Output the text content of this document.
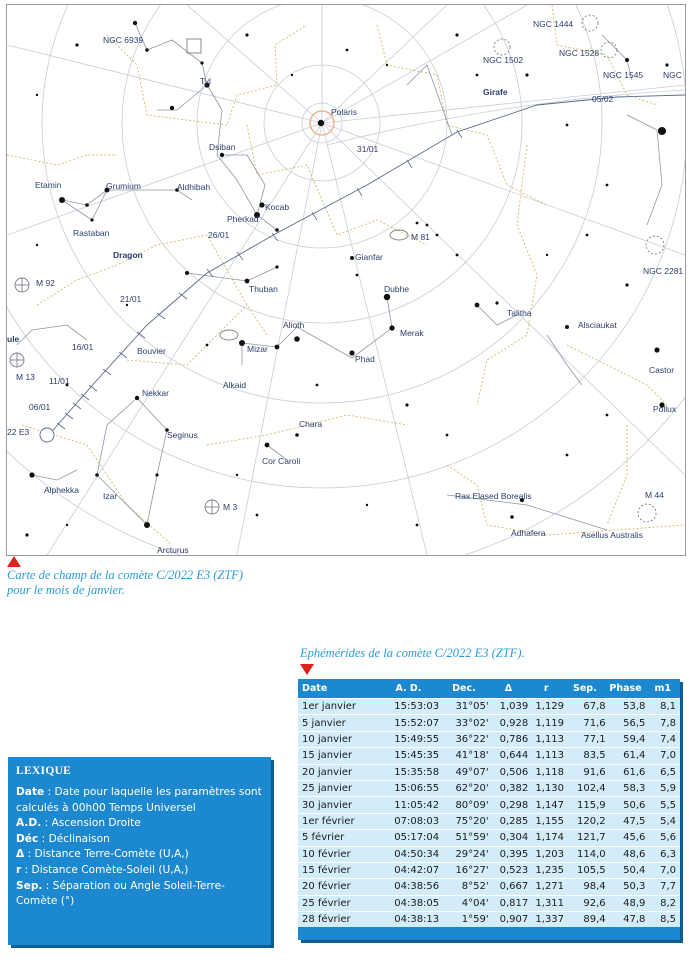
NGC 6939
Tyl
Polaris
Dsiban
Etamin	Grumium	Aldhibah
Rastaban
Pherkad
Kocab
Dragon
M 92
Thuban
ule
M 13
22 E3
Bouvier
Alioth
Mizar
Alkaid
Phad
Merak
Dubhe
Gianfar
M 81
Nekkar
Seginus
Chara
Cor Caroli
Alphekka
Izar
M 3
Arcturus
NGC 1444
NGC 1502
NGC 1528
NGC 1545 NGC
Girafe
05/02
31/01
26/01
21/01
16/01
11/01
06/01
NGC 2281
Talitha
Alsciaukat
Castor
Pollux
Ras Elased Borealis	M 44
Adhafera	Asellus Australis
Carte de champ de la comète C/2022 E3 (ZTF)
pour le mois de janvier.
Ephémérides de la comète C/2022 E3 (ZTF).
LEXIQUE
Date : Date pour laquelle les paramètres sont calculés à 00h00 Temps Universel
A.D. : Ascension Droite
Déc : Déclinaison
Δ : Distance Terre-Comète (U,A,)
r : Distance Comète-Soleil (U,A,)
Sep. : Séparation ou Angle Soleil-Terre-Comète (°)
Date	A. D.	Dec.	Δ	r	Sep.	Phase	m1
1er janvier	15:53:03	31°05'	1,039	1,129	67,8	53,8	8,1
5 janvier	15:52:07	33°02'	0,928	1,119	71,6	56,5	7,8
10 janvier	15:49:55	36°22'	0,786	1,113	77,1	59,4	7,4
15 janvier	15:45:35	41°18'	0,644	1,113	83,5	61,4	7,0
20 janvier	15:35:58	49°07'	0,506	1,118	91,6	61,6	6,5
25 janvier	15:06:55	62°20'	0,382	1,130	102,4	58,3	5,9
30 janvier	11:05:42	80°09'	0,298	1,147	115,9	50,6	5,5
1er février	07:08:03	75°20'	0,285	1,155	120,2	47,5	5,4
5 février	05:17:04	51°59'	0,304	1,174	121,7	45,6	5,6
10 février	04:50:34	29°24'	0,395	1,203	114,0	48,6	6,3
15 février	04:42:07	16°27'	0,523	1,235	105,5	50,4	7,0
20 février	04:38:56	8°52'	0,667	1,271	98,4	50,3	7,7
25 février	04:38:05	4°04'	0,817	1,311	92,6	48,9	8,2
28 février	04:38:13	1°59'	0,907	1,337	89,4	47,8	8,5
